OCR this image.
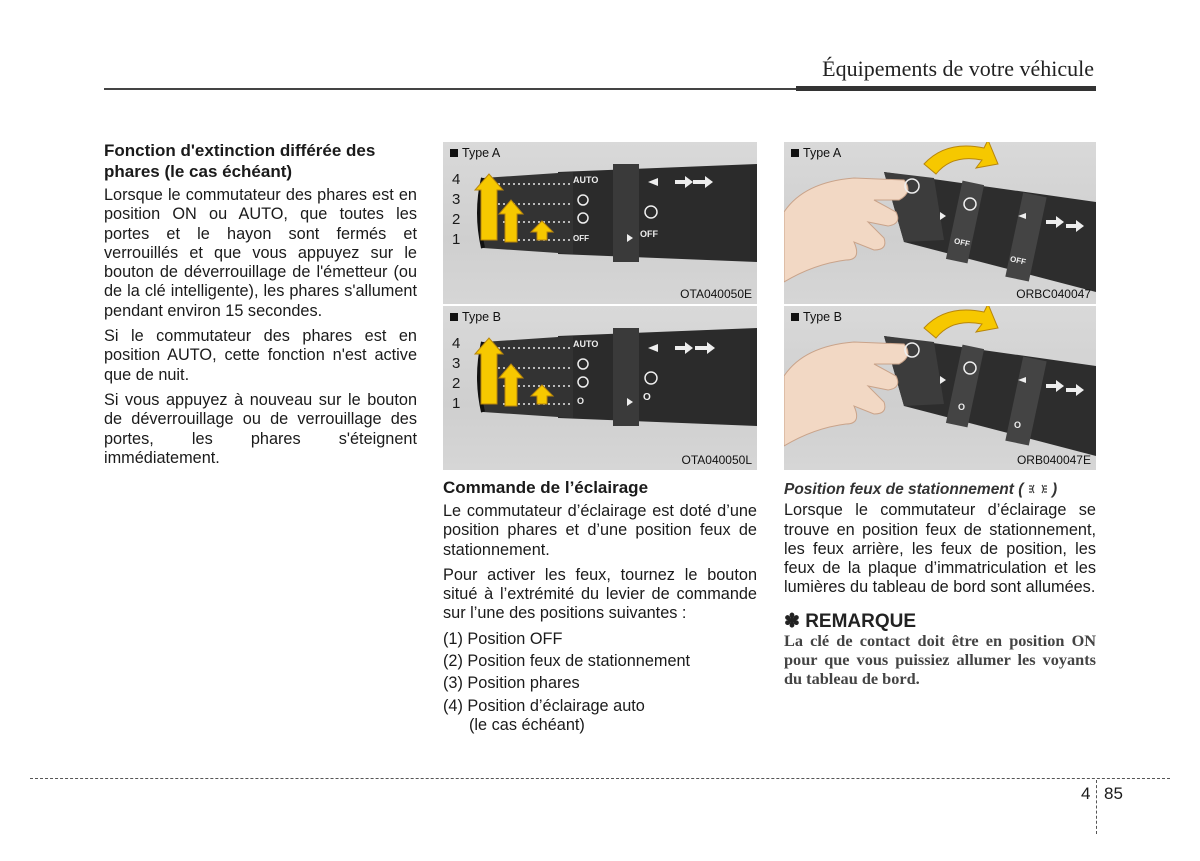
Équipements de votre véhicule
Fonction d'extinction différée des phares (le cas échéant)

Lorsque le commutateur des phares est en position ON ou AUTO, que toutes les portes et le hayon sont fermés et verrouillés et que vous appuyez sur le bouton de déverrouillage de l'émetteur (ou de la clé intelligente), les phares s'allument pendant environ 15 secondes.

Si le commutateur des phares est en position AUTO, cette fonction n'est active que de nuit.

Si vous appuyez à nouveau sur le bouton de déverrouillage ou de verrouillage des portes, les phares s'éteignent immédiatement.

Type A
4
3
2
1
AUTO
OFF
OFF
OTA040050E
Type B
4
3
2
1
AUTO
O
O
OTA040050L
Type A
OFF
OFF
ORBC040047
Type B
O
O
ORB040047E
Commande de l’éclairage

Le commutateur d’éclairage est doté d’une position phares et d’une position feux de stationnement.

Pour activer les feux, tournez le bouton situé à l’extrémité du levier de commande sur l’une des positions suivantes :

(1) Position OFF
(2) Position feux de stationnement
(3) Position phares
(4) Position d’éclairage auto
(le cas échéant)
Position feux de stationnement ( )

Lorsque le commutateur d’éclairage se trouve en position feux de stationnement, les feux arrière, les feux de position, les feux de la plaque d’immatriculation et les lumières du tableau de bord sont allumées.

✽ REMARQUE
La clé de contact doit être en position ON pour que vous puissiez allumer les voyants du tableau de bord.
4 85
